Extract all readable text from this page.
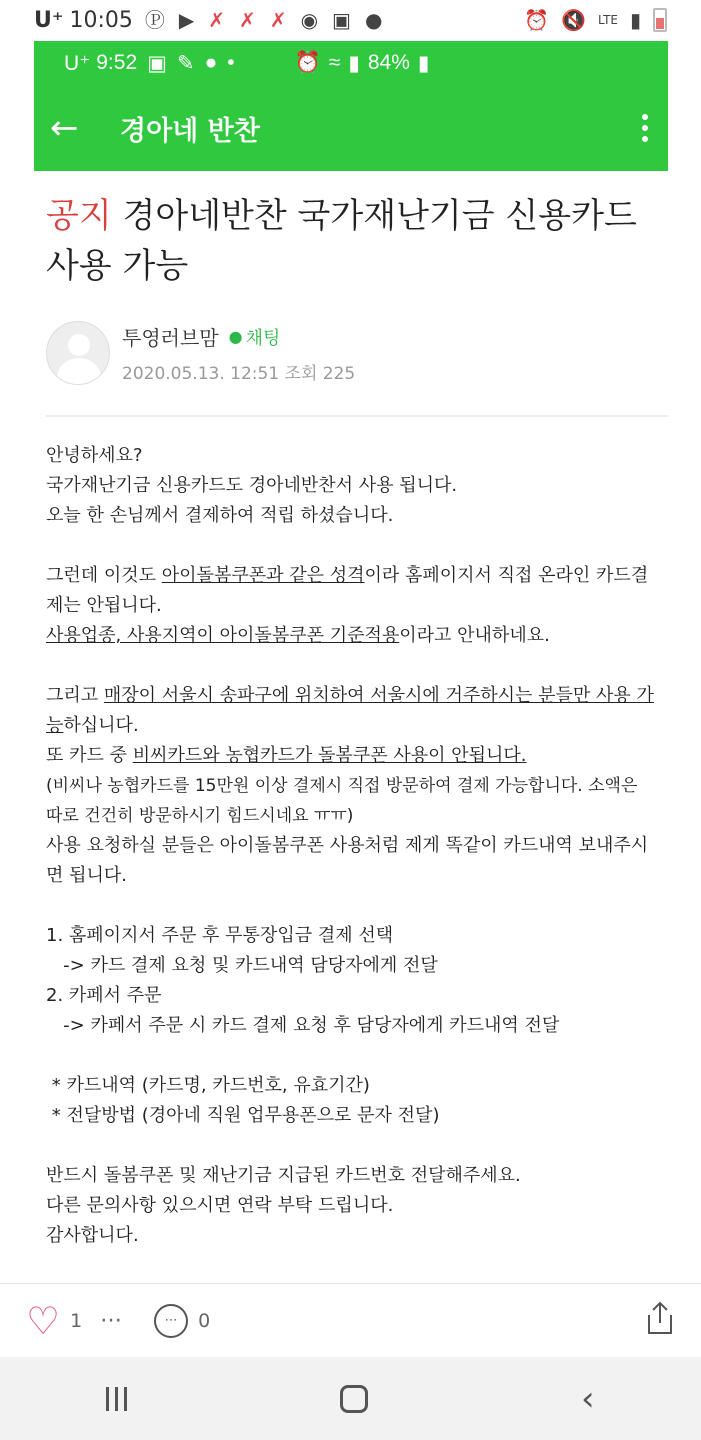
U⁺ 10:05 Ⓟ ▶ ✗ ✗ ✗ ◉ ▣ ●	⏰ 🔇 LTE ▮
U⁺ 9:52 ▣ ✎ ● •	⏰ ≈ ▮ 84% ▮
←	경아네 반찬
공지 경아네반찬 국가재난기금 신용카드 사용 가능
투영러브맘 ● 채팅
2020.05.13. 12:51 조회 225

안녕하세요?

국가재난기금 신용카드도 경아네반찬서 사용 됩니다.

오늘 한 손님께서 결제하여 적립 하셨습니다.

그런데 이것도 아이돌봄쿠폰과 같은 성격이라 홈페이지서 직접 온라인 카드결제는 안됩니다.

사용업종, 사용지역이 아이돌봄쿠폰 기준적용이라고 안내하네요.

그리고 매장이 서울시 송파구에 위치하여 서울시에 거주하시는 분들만 사용 가능하십니다.

또 카드 중 비씨카드와 농협카드가 돌봄쿠폰 사용이 안됩니다.

(비씨나 농협카드를 15만원 이상 결제시 직접 방문하여 결제 가능합니다. 소액은 따로 건건히 방문하시기 힘드시네요 ㅠㅠ)

사용 요청하실 분들은 아이돌봄쿠폰 사용처럼 제게 똑같이 카드내역 보내주시면 됩니다.

1. 홈페이지서 주문 후 무통장입금 결제 선택

-> 카드 결제 요청 및 카드내역 담당자에게 전달

2. 카페서 주문

-> 카페서 주문 시 카드 결제 요청 후 담당자에게 카드내역 전달

* 카드내역 (카드명, 카드번호, 유효기간)

* 전달방법 (경아네 직원 업무용폰으로 문자 전달)

반드시 돌봄쿠폰 및 재난기금 지급된 카드번호 전달해주세요.

다른 문의사항 있으시면 연락 부탁 드립니다.

감사합니다.

♡ 1 ⋯	⋯	0
‹
